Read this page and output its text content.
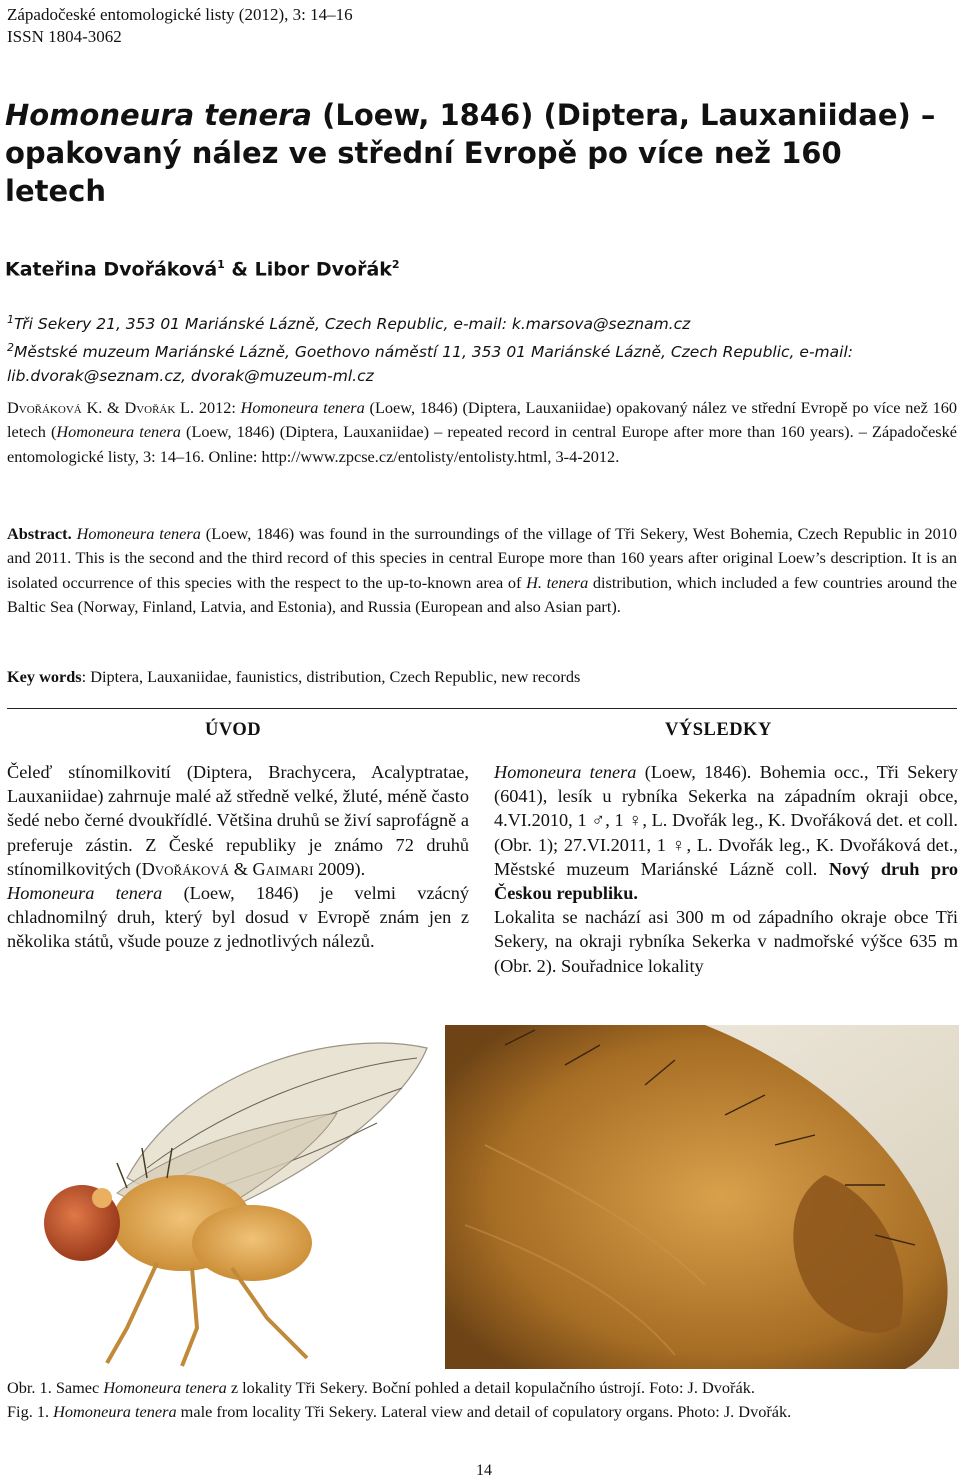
Západočeské entomologické listy (2012), 3: 14–16
ISSN 1804-3062
Homoneura tenera (Loew, 1846) (Diptera, Lauxaniidae) – opakovaný nález ve střední Evropě po více než 160 letech
Kateřina Dvořáková$^1$ & Libor Dvořák$^2$
$^1$Tři Sekery 21, 353 01 Mariánské Lázně, Czech Republic, e-mail: k.marsova@seznam.cz
$^2$Městské muzeum Mariánské Lázně, Goethovo náměstí 11, 353 01 Mariánské Lázně, Czech Republic, e-mail: lib.dvorak@seznam.cz, dvorak@muzeum-ml.cz
Dvořáková K. & Dvořák L. 2012: Homoneura tenera (Loew, 1846) (Diptera, Lauxaniidae) opakovaný nález ve střední Evropě po více než 160 letech (Homoneura tenera (Loew, 1846) (Diptera, Lauxaniidae) – repeated record in central Europe after more than 160 years). – Západočeské entomologické listy, 3: 14–16. Online: http://www.zpcse.cz/entolisty/entolisty.html, 3-4-2012.
Abstract. Homoneura tenera (Loew, 1846) was found in the surroundings of the village of Tři Sekery, West Bohemia, Czech Republic in 2010 and 2011. This is the second and the third record of this species in central Europe more than 160 years after original Loew’s description. It is an isolated occurrence of this species with the respect to the up-to-known area of H. tenera distribution, which included a few countries around the Baltic Sea (Norway, Finland, Latvia, and Estonia), and Russia (European and also Asian part).
Key words: Diptera, Lauxaniidae, faunistics, distribution, Czech Republic, new records
ÚVOD

Čeleď stínomilkovití (Diptera, Brachycera, Acalyptratae, Lauxaniidae) zahrnuje malé až středně velké, žluté, méně často šedé nebo černé dvoukřídlé. Většina druhů se živí saprofágně a preferuje zástin. Z České republiky je známo 72 druhů stínomilkovitých (Dvořáková & Gaimari 2009).

Homoneura tenera (Loew, 1846) je velmi vzácný chladnomilný druh, který byl dosud v Evropě znám jen z několika států, všude pouze z jednotlivých nálezů.

VÝSLEDKY

Homoneura tenera (Loew, 1846). Bohemia occ., Tři Sekery (6041), lesík u rybníka Sekerka na západním okraji obce, 4.VI.2010, 1 ♂, 1 ♀, L. Dvořák leg., K. Dvořáková det. et coll. (Obr. 1); 27.VI.2011, 1 ♀, L. Dvořák leg., K. Dvořáková det., Městské muzeum Mariánské Lázně coll. Nový druh pro Českou republiku.

Lokalita se nachází asi 300 m od západního okraje obce Tři Sekery, na okraji rybníka Sekerka v nadmořské výšce 635 m (Obr. 2). Souřadnice lokality

Obr. 1. Samec Homoneura tenera z lokality Tři Sekery. Boční pohled a detail kopulačního ústrojí. Foto: J. Dvořák.

Fig. 1. Homoneura tenera male from locality Tři Sekery. Lateral view and detail of copulatory organs. Photo: J. Dvořák.

14
